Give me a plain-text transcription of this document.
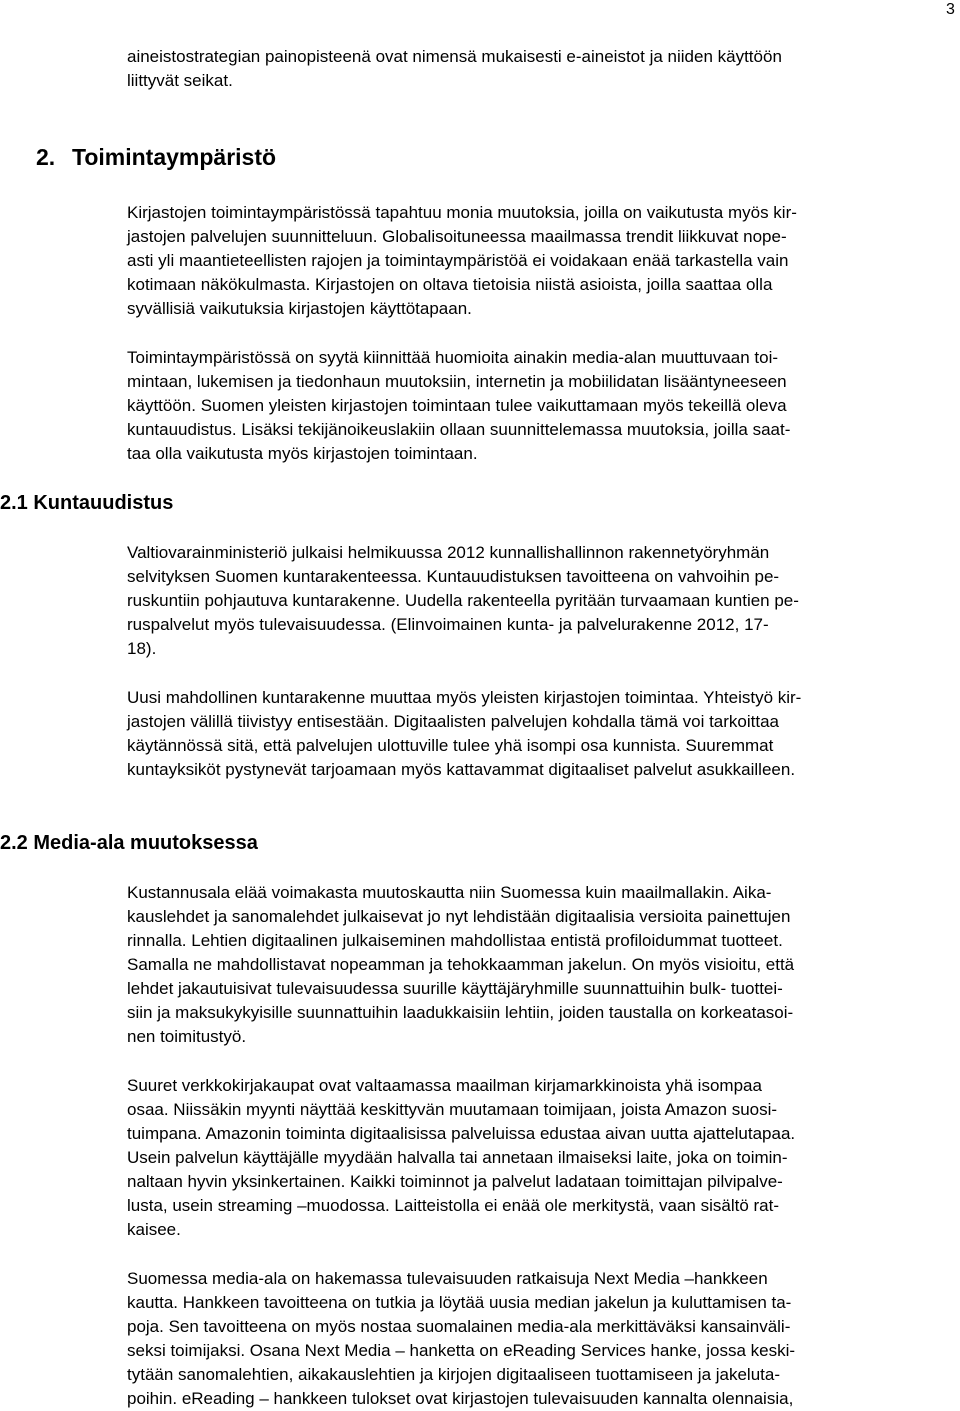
3

aineistostrategian painopisteenä ovat nimensä mukaisesti e-aineistot ja niiden käyttöön
liittyvät seikat.

2. Toimintaympäristö

Kirjastojen toimintaympäristössä tapahtuu monia muutoksia, joilla on vaikutusta myös kir-
jastojen palvelujen suunnitteluun. Globalisoituneessa maailmassa trendit liikkuvat nope-
asti yli maantieteellisten rajojen ja toimintaympäristöä ei voidakaan enää tarkastella vain
kotimaan näkökulmasta. Kirjastojen on oltava tietoisia niistä asioista, joilla saattaa olla
syvällisiä vaikutuksia kirjastojen käyttötapaan.

Toimintaympäristössä on syytä kiinnittää huomioita ainakin media-alan muuttuvaan toi-
mintaan, lukemisen ja tiedonhaun muutoksiin, internetin ja mobiilidatan lisääntyneeseen
käyttöön. Suomen yleisten kirjastojen toimintaan tulee vaikuttamaan myös tekeillä oleva
kuntauudistus. Lisäksi tekijänoikeuslakiin ollaan suunnittelemassa muutoksia, joilla saat-
taa olla vaikutusta myös kirjastojen toimintaan.

2.1 Kuntauudistus

Valtiovarainministeriö julkaisi helmikuussa 2012 kunnallishallinnon rakennetyöryhmän
selvityksen Suomen kuntarakenteessa. Kuntauudistuksen tavoitteena on vahvoihin pe-
ruskuntiin pohjautuva kuntarakenne. Uudella rakenteella pyritään turvaamaan kuntien pe-
ruspalvelut myös tulevaisuudessa. (Elinvoimainen kunta- ja palvelurakenne 2012, 17-
18).

Uusi mahdollinen kuntarakenne muuttaa myös yleisten kirjastojen toimintaa. Yhteistyö kir-
jastojen välillä tiivistyy entisestään. Digitaalisten palvelujen kohdalla tämä voi tarkoittaa
käytännössä sitä, että palvelujen ulottuville tulee yhä isompi osa kunnista. Suuremmat
kuntayksiköt pystynevät tarjoamaan myös kattavammat digitaaliset palvelut asukkailleen.

2.2 Media-ala muutoksessa

Kustannusala elää voimakasta muutoskautta niin Suomessa kuin maailmallakin. Aika-
kauslehdet ja sanomalehdet julkaisevat jo nyt lehdistään digitaalisia versioita painettujen
rinnalla. Lehtien digitaalinen julkaiseminen mahdollistaa entistä profiloidummat tuotteet.
Samalla ne mahdollistavat nopeamman ja tehokkaamman jakelun. On myös visioitu, että
lehdet jakautuisivat tulevaisuudessa suurille käyttäjäryhmille suunnattuihin bulk- tuottei-
siin ja maksukykyisille suunnattuihin laadukkaisiin lehtiin, joiden taustalla on korkeatasoi-
nen toimitustyö.

Suuret verkkokirjakaupat ovat valtaamassa maailman kirjamarkkinoista yhä isompaa
osaa. Niissäkin myynti näyttää keskittyvän muutamaan toimijaan, joista Amazon suosi-
tuimpana. Amazonin toiminta digitaalisissa palveluissa edustaa aivan uutta ajattelutapaa.
Usein palvelun käyttäjälle myydään halvalla tai annetaan ilmaiseksi laite, joka on toimin-
naltaan hyvin yksinkertainen. Kaikki toiminnot ja palvelut ladataan toimittajan pilvipalve-
lusta, usein streaming –muodossa. Laitteistolla ei enää ole merkitystä, vaan sisältö rat-
kaisee.

Suomessa media-ala on hakemassa tulevaisuuden ratkaisuja Next Media –hankkeen
kautta. Hankkeen tavoitteena on tutkia ja löytää uusia median jakelun ja kuluttamisen ta-
poja. Sen tavoitteena on myös nostaa suomalainen media-ala merkittäväksi kansainväli-
seksi toimijaksi. Osana Next Media – hanketta on eReading Services hanke, jossa keski-
tytään sanomalehtien, aikakauslehtien ja kirjojen digitaaliseen tuottamiseen ja jakeluta-
poihin. eReading – hankkeen tulokset ovat kirjastojen tulevaisuuden kannalta olennaisia,
